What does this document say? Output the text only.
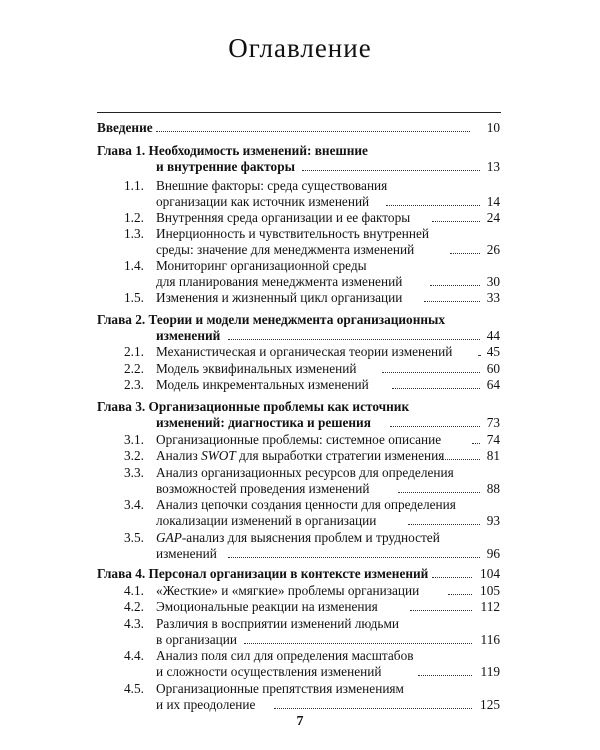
Оглавление
Введение	10
Глава 1. Необходимость изменений: внешние
и внутренние факторы	13
1.1. Внешние факторы: среда существования
организации как источник изменений	14
1.2. Внутренняя среда организации и ее факторы	24
1.3. Инерционность и чувствительность внутренней
среды: значение для менеджмента изменений	26
1.4. Мониторинг организационной среды
для планирования менеджмента изменений	30
1.5. Изменения и жизненный цикл организации	33
Глава 2. Теории и модели менеджмента организационных
изменений	44
2.1. Механистическая и органическая теории изменений	45
2.2. Модель эквифинальных изменений	60
2.3. Модель инкрементальных изменений	64
Глава 3. Организационные проблемы как источник
изменений: диагностика и решения	73
3.1. Организационные проблемы: системное описание	74
3.2. Анализ SWOT для выработки стратегии изменения	81
3.3. Анализ организационных ресурсов для определения
возможностей проведения изменений	88
3.4. Анализ цепочки создания ценности для определения
локализации изменений в организации	93
3.5. GAP-анализ для выяснения проблем и трудностей
изменений	96
Глава 4. Персонал организации в контексте изменений	104
4.1. «Жесткие» и «мягкие» проблемы организации	105
4.2. Эмоциональные реакции на изменения	112
4.3. Различия в восприятии изменений людьми
в организации	116
4.4. Анализ поля сил для определения масштабов
и сложности осуществления изменений	119
4.5. Организационные препятствия изменениям
и их преодоление	125
7
